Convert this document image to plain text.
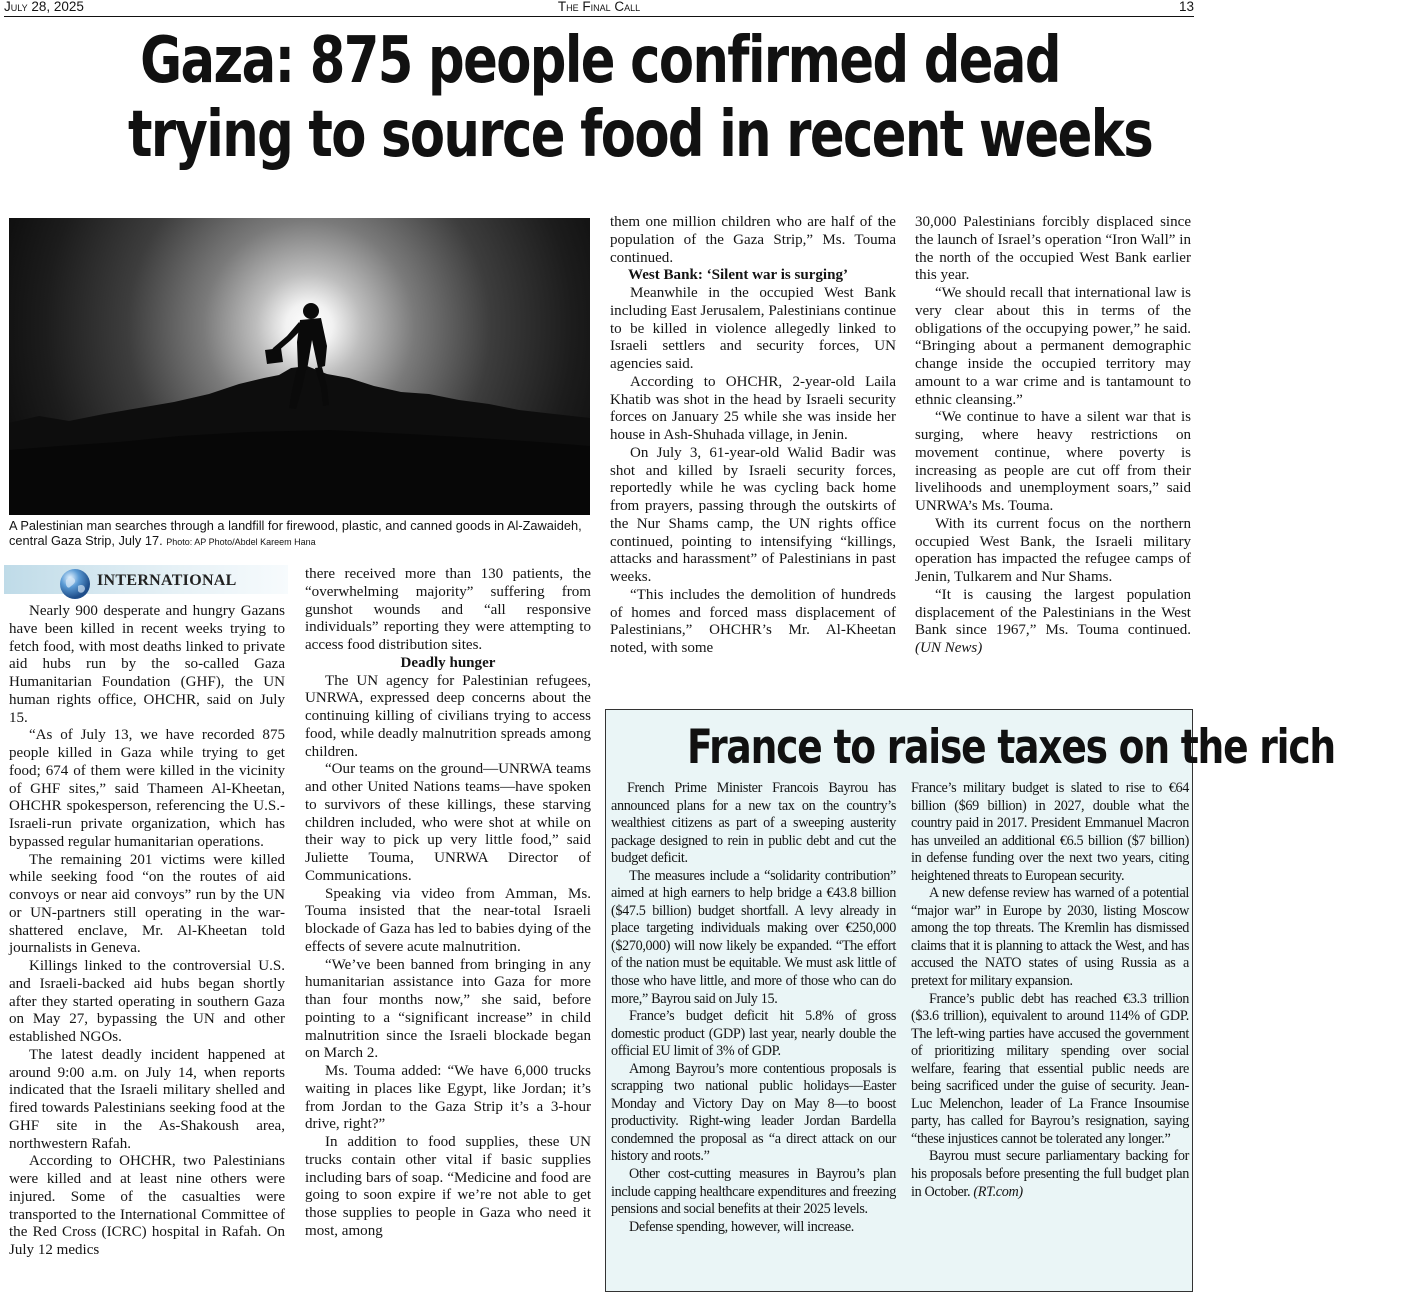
July 28, 2025	The Final Call	13
Gaza: 875 people confirmed dead
trying to source food in recent weeks
A Palestinian man searches through a landfill for firewood, plastic, and canned goods in Al-Zawaideh, central Gaza Strip, July 17. Photo: AP Photo/Abdel Kareem Hana
INTERNATIONAL

Nearly 900 desperate and hungry Gazans have been killed in recent weeks trying to fetch food, with most deaths linked to private aid hubs run by the so-called Gaza Humanitarian Foundation (GHF), the UN human rights office, OHCHR, said on July 15.

“As of July 13, we have recorded 875 people killed in Gaza while trying to get food; 674 of them were killed in the vicinity of GHF sites,” said Thameen Al-Kheetan, OHCHR spokesperson, referencing the U.S.-Israeli-run private organization, which has bypassed regular humanitarian operations.

The remaining 201 victims were killed while seeking food “on the routes of aid convoys or near aid convoys” run by the UN or UN-partners still operating in the war-shattered enclave, Mr. Al-Kheetan told journalists in Geneva.

Killings linked to the controversial U.S. and Israeli-backed aid hubs began shortly after they started operating in southern Gaza on May 27, bypassing the UN and other established NGOs.

The latest deadly incident happened at around 9:00 a.m. on July 14, when reports indicated that the Israeli military shelled and fired towards Palestinians seeking food at the GHF site in the As-Shakoush area, northwestern Rafah.

According to OHCHR, two Palestinians were killed and at least nine others were injured. Some of the casualties were transported to the International Committee of the Red Cross (ICRC) hospital in Rafah. On July 12 medics

there received more than 130 patients, the “overwhelming majority” suffering from gunshot wounds and “all responsive individuals” reporting they were attempting to access food distribution sites.

Deadly hunger

The UN agency for Palestinian refugees, UNRWA, expressed deep concerns about the continuing killing of civilians trying to access food, while deadly malnutrition spreads among children.

“Our teams on the ground—UNRWA teams and other United Nations teams—have spoken to survivors of these killings, these starving children included, who were shot at while on their way to pick up very little food,” said Juliette Touma, UNRWA Director of Communications.

Speaking via video from Amman, Ms. Touma insisted that the near-total Israeli blockade of Gaza has led to babies dying of the effects of severe acute malnutrition.

“We’ve been banned from bringing in any humanitarian assistance into Gaza for more than four months now,” she said, before pointing to a “significant increase” in child malnutrition since the Israeli blockade began on March 2.

Ms. Touma added: “We have 6,000 trucks waiting in places like Egypt, like Jordan; it’s from Jordan to the Gaza Strip it’s a 3-hour drive, right?”

In addition to food supplies, these UN trucks contain other vital if basic supplies including bars of soap. “Medicine and food are going to soon expire if we’re not able to get those supplies to people in Gaza who need it most, among

them one million children who are half of the population of the Gaza Strip,” Ms. Touma continued.

West Bank: ‘Silent war is surging’

Meanwhile in the occupied West Bank including East Jerusalem, Palestinians continue to be killed in violence allegedly linked to Israeli settlers and security forces, UN agencies said.

According to OHCHR, 2-year-old Laila Khatib was shot in the head by Israeli security forces on January 25 while she was inside her house in Ash-Shuhada village, in Jenin.

On July 3, 61-year-old Walid Badir was shot and killed by Israeli security forces, reportedly while he was cycling back home from prayers, passing through the outskirts of the Nur Shams camp, the UN rights office continued, pointing to intensifying “killings, attacks and harassment” of Palestinians in past weeks.

“This includes the demolition of hundreds of homes and forced mass displacement of Palestinians,” OHCHR’s Mr. Al-Kheetan noted, with some

30,000 Palestinians forcibly displaced since the launch of Israel’s operation “Iron Wall” in the north of the occupied West Bank earlier this year.

“We should recall that international law is very clear about this in terms of the obligations of the occupying power,” he said. “Bringing about a permanent demographic change inside the occupied territory may amount to a war crime and is tantamount to ethnic cleansing.”

“We continue to have a silent war that is surging, where heavy restrictions on movement continue, where poverty is increasing as people are cut off from their livelihoods and unemployment soars,” said UNRWA’s Ms. Touma.

With its current focus on the northern occupied West Bank, the Israeli military operation has impacted the refugee camps of Jenin, Tulkarem and Nur Shams.

“It is causing the largest population displacement of the Palestinians in the West Bank since 1967,” Ms. Touma continued. (UN News)

France to raise taxes on the rich

French Prime Minister Francois Bayrou has announced plans for a new tax on the country’s wealthiest citizens as part of a sweeping austerity package designed to rein in public debt and cut the budget deficit.

The measures include a “solidarity contribution” aimed at high earners to help bridge a €43.8 billion ($47.5 billion) budget shortfall. A levy already in place targeting individuals making over €250,000 ($270,000) will now likely be expanded. “The effort of the nation must be equitable. We must ask little of those who have little, and more of those who can do more,” Bayrou said on July 15.

France’s budget deficit hit 5.8% of gross domestic product (GDP) last year, nearly double the official EU limit of 3% of GDP.

Among Bayrou’s more contentious proposals is scrapping two national public holidays—Easter Monday and Victory Day on May 8—to boost productivity. Right-wing leader Jordan Bardella condemned the proposal as “a direct attack on our history and roots.”

Other cost-cutting measures in Bayrou’s plan include capping healthcare expenditures and freezing pensions and social benefits at their 2025 levels.

Defense spending, however, will increase.

France’s military budget is slated to rise to €64 billion ($69 billion) in 2027, double what the country paid in 2017. President Emmanuel Macron has unveiled an additional €6.5 billion ($7 billion) in defense funding over the next two years, citing heightened threats to European security.

A new defense review has warned of a potential “major war” in Europe by 2030, listing Moscow among the top threats. The Kremlin has dismissed claims that it is planning to attack the West, and has accused the NATO states of using Russia as a pretext for military expansion.

France’s public debt has reached €3.3 trillion ($3.6 trillion), equivalent to around 114% of GDP. The left-wing parties have accused the government of prioritizing military spending over social welfare, fearing that essential public needs are being sacrificed under the guise of security. Jean-Luc Melenchon, leader of La France Insoumise party, has called for Bayrou’s resignation, saying “these injustices cannot be tolerated any longer.”

Bayrou must secure parliamentary backing for his proposals before presenting the full budget plan in October. (RT.com)
